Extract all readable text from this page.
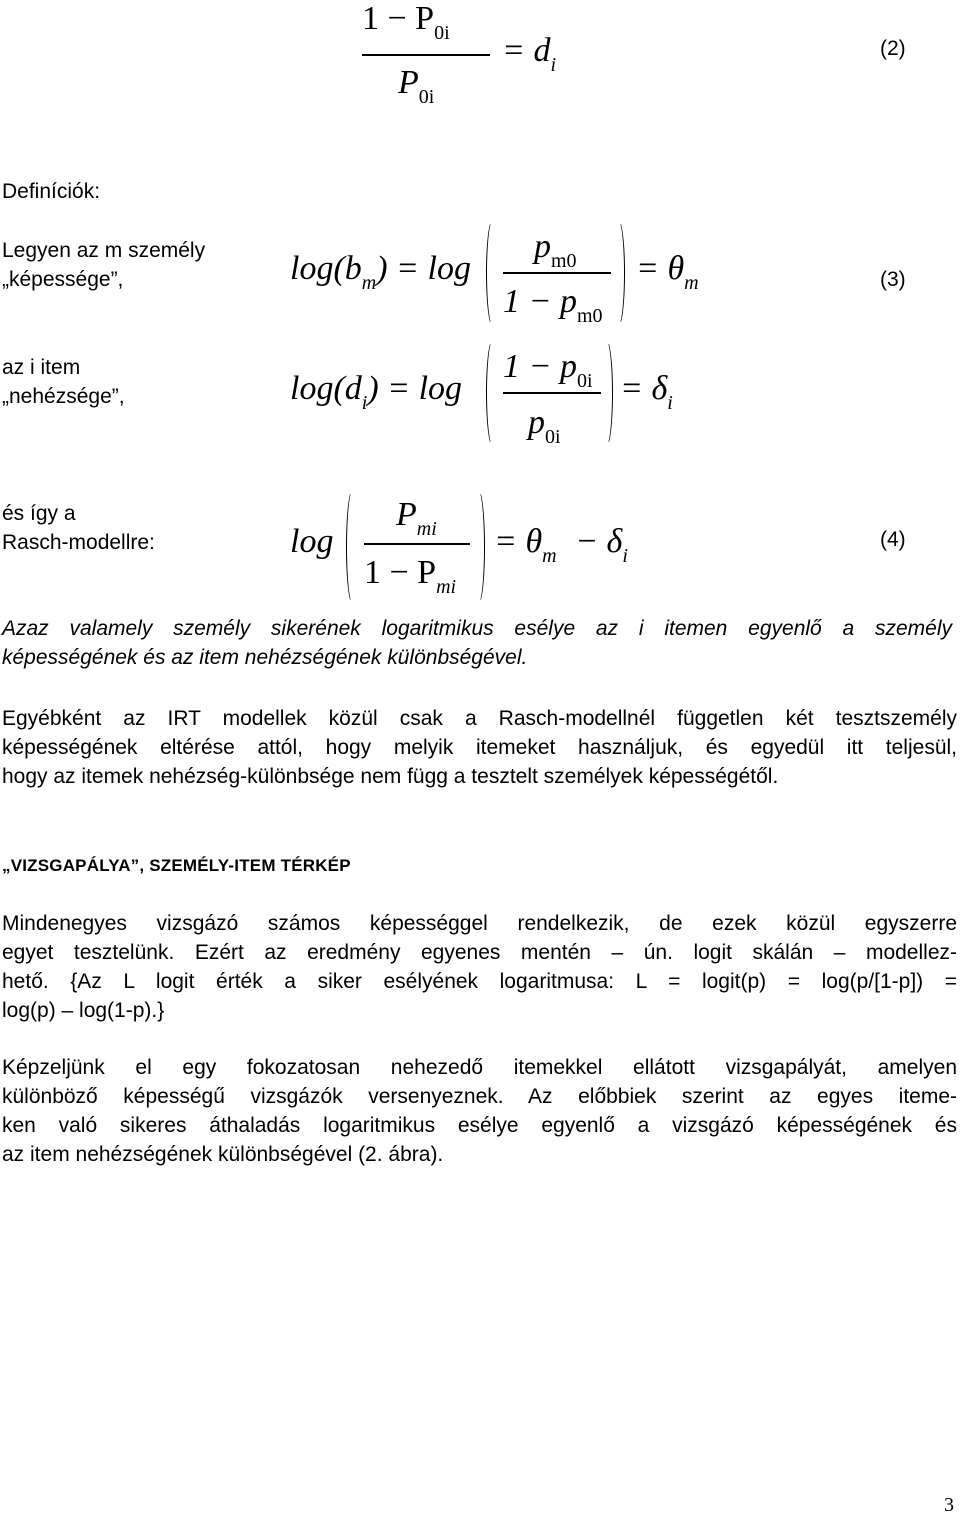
$1 - P_{0i}$
$P_{0i}$
= $d_i$
(2)
Definíciók:
Legyen az m személy
„képessége”,	$\log(b_m) = \log$
$p_{m0}$
$1 - p_{m0}$
= $\theta_m$	(3)
az i item
„nehézsége”,	$\log(d_i) = \log$
$1 - p_{0i}$
$p_{0i}$
= $\delta_i$
és így a
Rasch-modellre:	log
$P_{mi}$
$1 - P_{mi}$
= $\theta_m - \delta_i$
(4)
Azaz valamely személy sikerének logaritmikus esélye az i itemen egyenlő a személy
képességének és az item nehézségének különbségével.
Egyébként az IRT modellek közül csak a Rasch-modellnél független két tesztszemély
képességének eltérése attól, hogy melyik itemeket használjuk, és egyedül itt teljesül,
hogy az itemek nehézség-különbsége nem függ a tesztelt személyek képességétől.
„VIZSGAPÁLYA”, SZEMÉLY-ITEM TÉRKÉP
Mindenegyes vizsgázó számos képességgel rendelkezik, de ezek közül egyszerre
egyet tesztelünk. Ezért az eredmény egyenes mentén – ún. logit skálán – modellez-
hető. {Az L logit érték a siker esélyének logaritmusa: L = logit(p) = log(p/[1-p]) =
log(p) – log(1-p).}
Képzeljünk el egy fokozatosan nehezedő itemekkel ellátott vizsgapályát, amelyen
különböző képességű vizsgázók versenyeznek. Az előbbiek szerint az egyes iteme-
ken való sikeres áthaladás logaritmikus esélye egyenlő a vizsgázó képességének és
az item nehézségének különbségével (2. ábra).
3
